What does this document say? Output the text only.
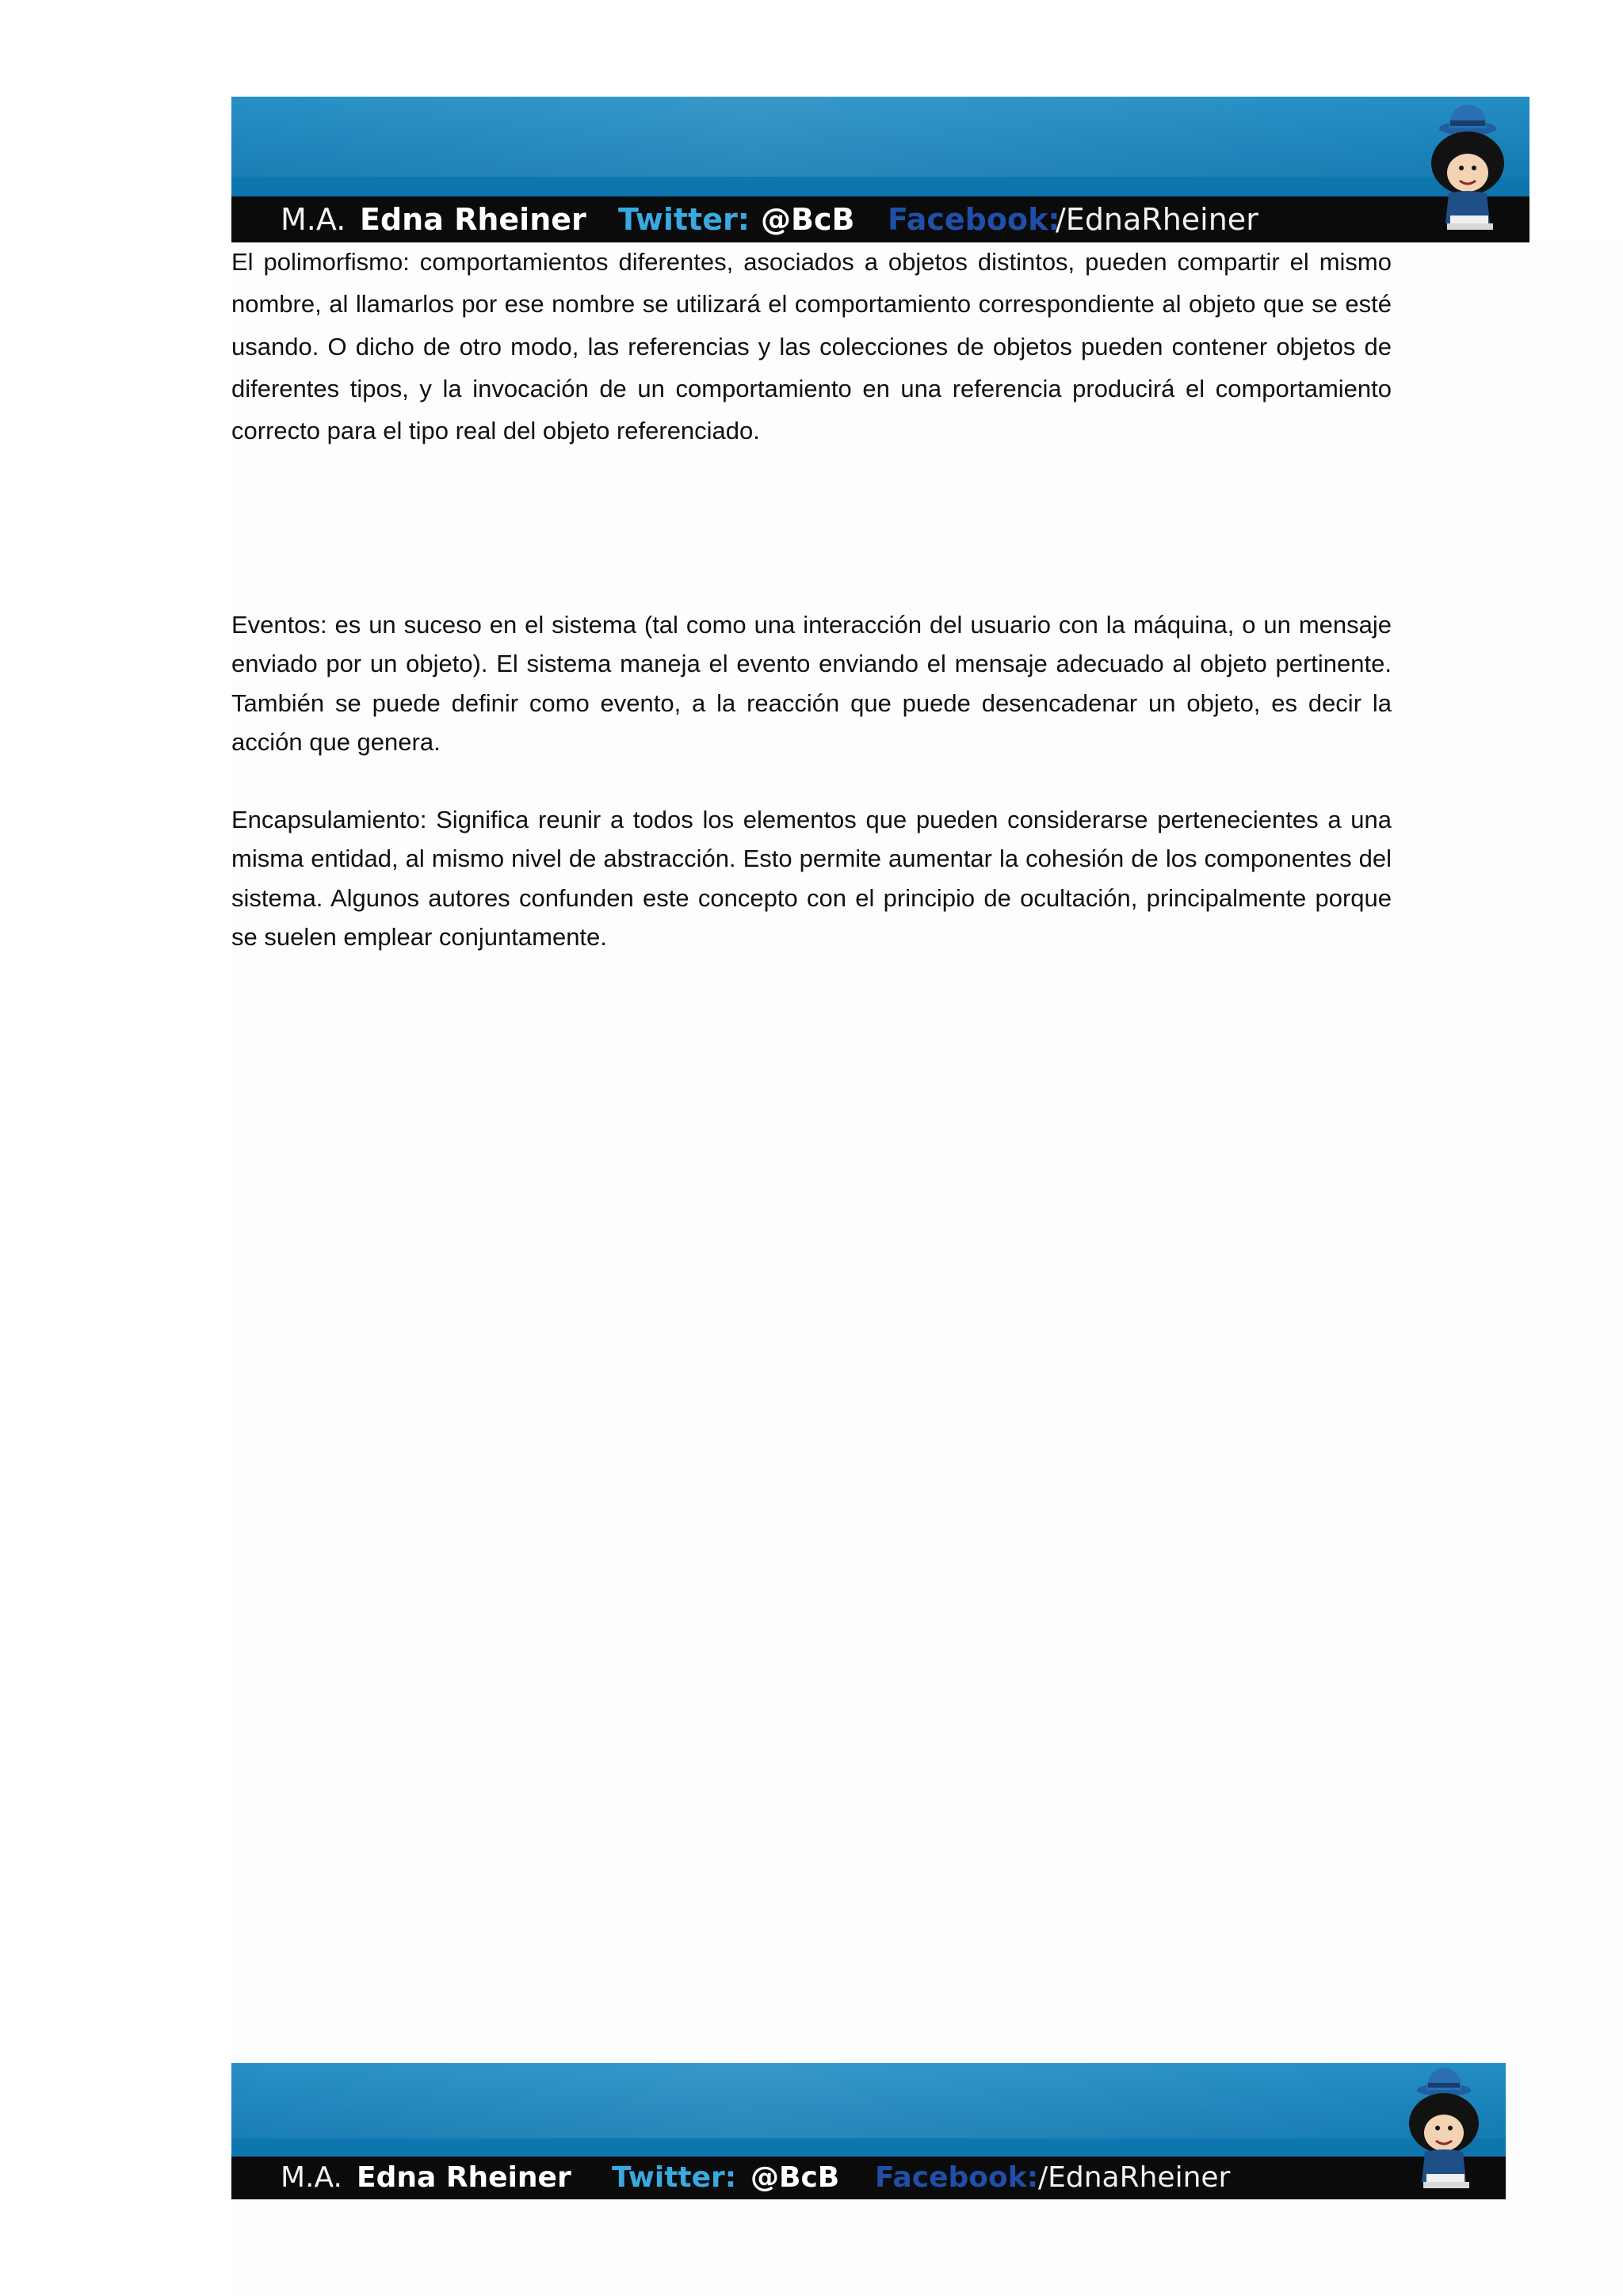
M.A. Edna Rheiner Twitter: @BcB Facebook:
/EdnaRheiner

El polimorfismo: comportamientos diferentes, asociados a objetos distintos, pueden compartir el mismo nombre, al llamarlos por ese nombre se utilizará el comportamiento correspondiente al objeto que se esté usando. O dicho de otro modo, las referencias y las colecciones de objetos pueden contener objetos de diferentes tipos, y la invocación de un comportamiento en una referencia producirá el comportamiento correcto para el tipo real del objeto referenciado.

Eventos: es un suceso en el sistema (tal como una interacción del usuario con la máquina, o un mensaje enviado por un objeto). El sistema maneja el evento enviando el mensaje adecuado al objeto pertinente. También se puede definir como evento, a la reacción que puede desencadenar un objeto, es decir la acción que genera.

Encapsulamiento: Significa reunir a todos los elementos que pueden considerarse pertenecientes a una misma entidad, al mismo nivel de abstracción. Esto permite aumentar la cohesión de los componentes del sistema. Algunos autores confunden este concepto con el principio de ocultación, principalmente porque se suelen emplear conjuntamente.

M.A. Edna Rheiner Twitter: @BcB Facebook: /EdnaRheiner
